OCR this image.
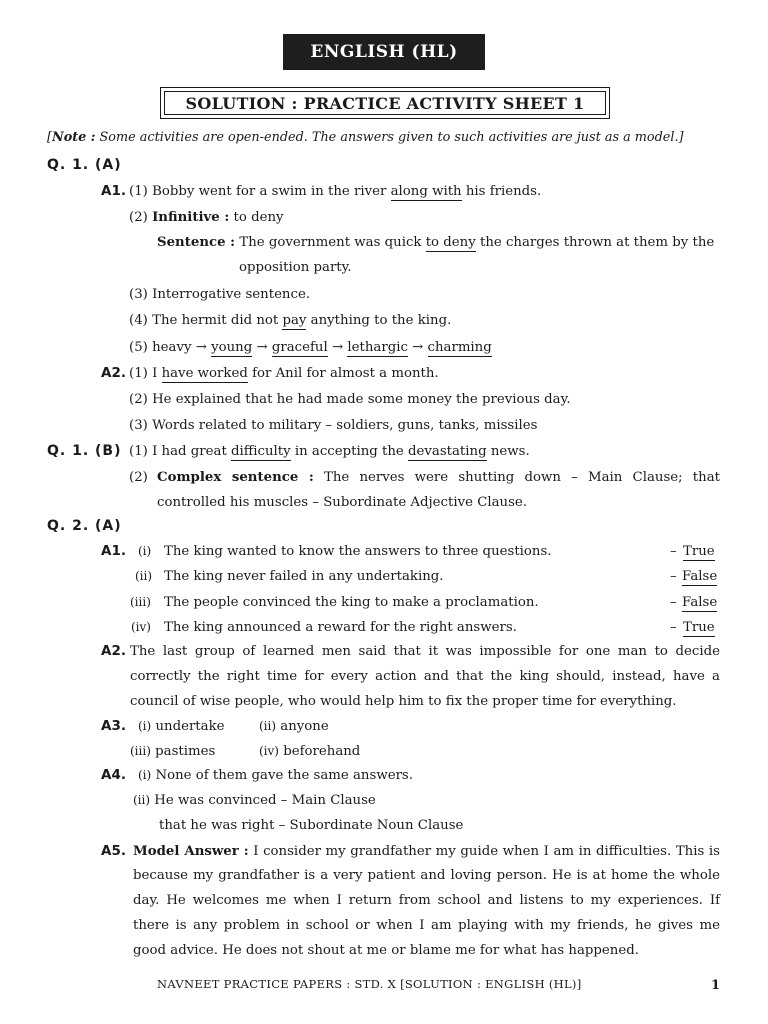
ENGLISH (HL)
SOLUTION : PRACTICE ACTIVITY SHEET 1
[Note : Some activities are open-ended. The answers given to such activities are just as a model.]
Q. 1. (A)
A1. (1) Bobby went for a swim in the river along with his friends.
(2) Infinitive : to deny
Sentence : The government was quick to deny the charges thrown at them by the
opposition party.
(3) Interrogative sentence.
(4) The hermit did not pay anything to the king.
(5) heavy → young → graceful → lethargic → charming
A2. (1) I have worked for Anil for almost a month.
(2) He explained that he had made some money the previous day.
(3) Words related to military – soldiers, guns, tanks, missiles
Q. 1. (B) (1) I had great difficulty in accepting the devastating news.
(2) Complex sentence : The nerves were shutting down – Main Clause; that
controlled his muscles – Subordinate Adjective Clause.
Q. 2. (A)
A1. (i) The king wanted to know the answers to three questions.	– True
(ii) The king never failed in any undertaking.	– False
(iii) The people convinced the king to make a proclamation.	– False
(iv) The king announced a reward for the right answers.	– True
A2. The last group of learned men said that it was impossible for one man to decide
correctly the right time for every action and that the king should, instead, have a
council of wise people, who would help him to fix the proper time for everything.
A3. (i) undertake	(ii) anyone
(iii) pastimes	(iv) beforehand
A4. (i) None of them gave the same answers.
(ii) He was convinced – Main Clause
that he was right – Subordinate Noun Clause
A5. Model Answer : I consider my grandfather my guide when I am in difficulties. This is
because my grandfather is a very patient and loving person. He is at home the whole
day. He welcomes me when I return from school and listens to my experiences. If
there is any problem in school or when I am playing with my friends, he gives me
good advice. He does not shout at me or blame me for what has happened.
NAVNEET PRACTICE PAPERS : STD. X [SOLUTION : ENGLISH (HL)]	1
